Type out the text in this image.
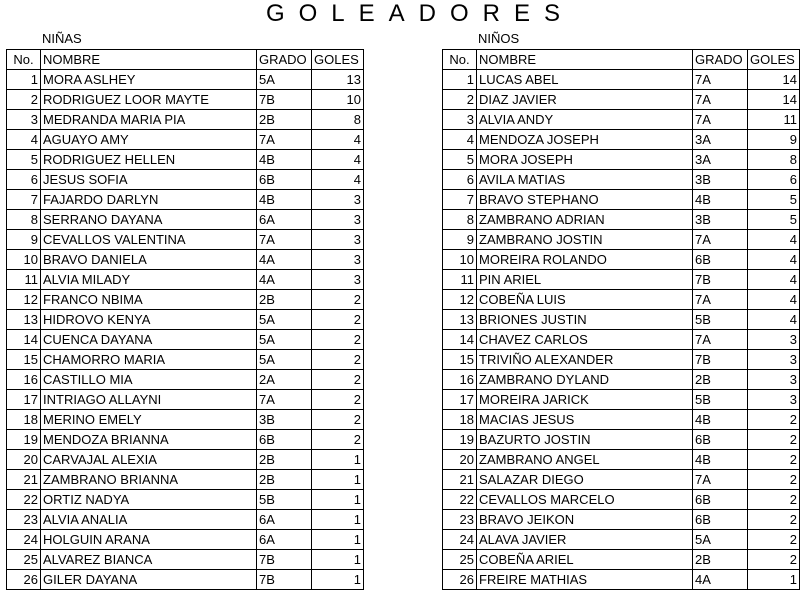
GOLEADORES
NIÑAS	NIÑOS
No.	NOMBRE	GRADO	GOLES
1	MORA ASLHEY	5A	13
2	RODRIGUEZ LOOR MAYTE	7B	10
3	MEDRANDA MARIA PIA	2B	8
4	AGUAYO AMY	7A	4
5	RODRIGUEZ HELLEN	4B	4
6	JESUS SOFIA	6B	4
7	FAJARDO DARLYN	4B	3
8	SERRANO DAYANA	6A	3
9	CEVALLOS VALENTINA	7A	3
10	BRAVO DANIELA	4A	3
11	ALVIA MILADY	4A	3
12	FRANCO NBIMA	2B	2
13	HIDROVO KENYA	5A	2
14	CUENCA DAYANA	5A	2
15	CHAMORRO MARIA	5A	2
16	CASTILLO MIA	2A	2
17	INTRIAGO ALLAYNI	7A	2
18	MERINO EMELY	3B	2
19	MENDOZA BRIANNA	6B	2
20	CARVAJAL ALEXIA	2B	1
21	ZAMBRANO BRIANNA	2B	1
22	ORTIZ NADYA	5B	1
23	ALVIA ANALIA	6A	1
24	HOLGUIN ARANA	6A	1
25	ALVAREZ BIANCA	7B	1
26	GILER DAYANA	7B	1
No.	NOMBRE	GRADO	GOLES
1	LUCAS ABEL	7A	14
2	DIAZ JAVIER	7A	14
3	ALVIA ANDY	7A	11
4	MENDOZA JOSEPH	3A	9
5	MORA JOSEPH	3A	8
6	AVILA MATIAS	3B	6
7	BRAVO STEPHANO	4B	5
8	ZAMBRANO ADRIAN	3B	5
9	ZAMBRANO JOSTIN	7A	4
10	MOREIRA ROLANDO	6B	4
11	PIN ARIEL	7B	4
12	COBEÑA LUIS	7A	4
13	BRIONES JUSTIN	5B	4
14	CHAVEZ CARLOS	7A	3
15	TRIVIÑO ALEXANDER	7B	3
16	ZAMBRANO DYLAND	2B	3
17	MOREIRA JARICK	5B	3
18	MACIAS JESUS	4B	2
19	BAZURTO JOSTIN	6B	2
20	ZAMBRANO ANGEL	4B	2
21	SALAZAR DIEGO	7A	2
22	CEVALLOS MARCELO	6B	2
23	BRAVO JEIKON	6B	2
24	ALAVA JAVIER	5A	2
25	COBEÑA ARIEL	2B	2
26	FREIRE MATHIAS	4A	1
